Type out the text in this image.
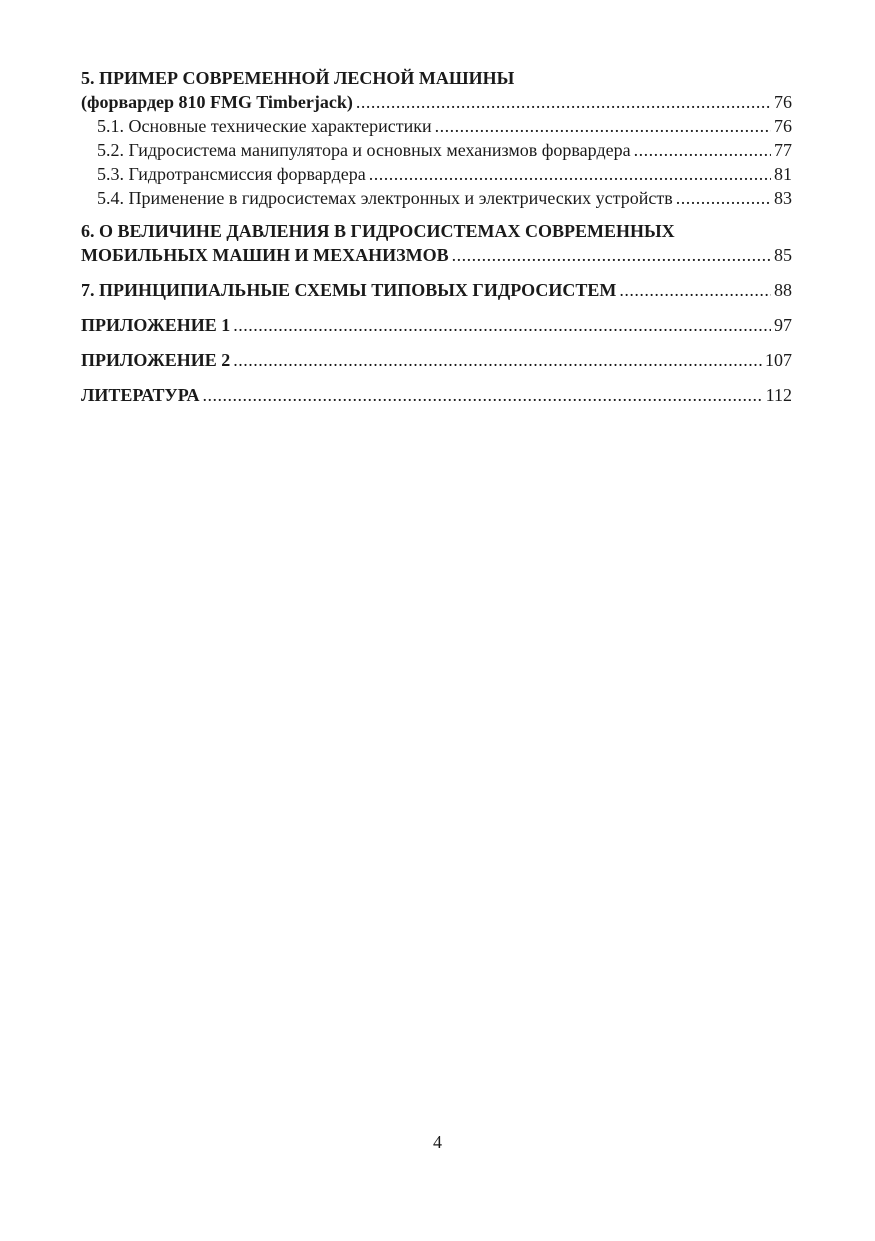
5. ПРИМЕР СОВРЕМЕННОЙ ЛЕСНОЙ МАШИНЫ
(форвардер 810 FMG Timberjack) .....	76
5.1. Основные технические характеристики .....	76
5.2. Гидросистема манипулятора и основных механизмов форвардера .....	77
5.3. Гидротрансмиссия форвардера .....	81
5.4. Применение в гидросистемах электронных и электрических устройств .....	83
6. О ВЕЛИЧИНЕ ДАВЛЕНИЯ В ГИДРОСИСТЕМАХ СОВРЕМЕННЫХ
МОБИЛЬНЫХ МАШИН И МЕХАНИЗМОВ .....	85
7. ПРИНЦИПИАЛЬНЫЕ СХЕМЫ ТИПОВЫХ ГИДРОСИСТЕМ .....	88
ПРИЛОЖЕНИЕ 1 .....	97
ПРИЛОЖЕНИЕ 2 .....	107
ЛИТЕРАТУРА .....	112
4
